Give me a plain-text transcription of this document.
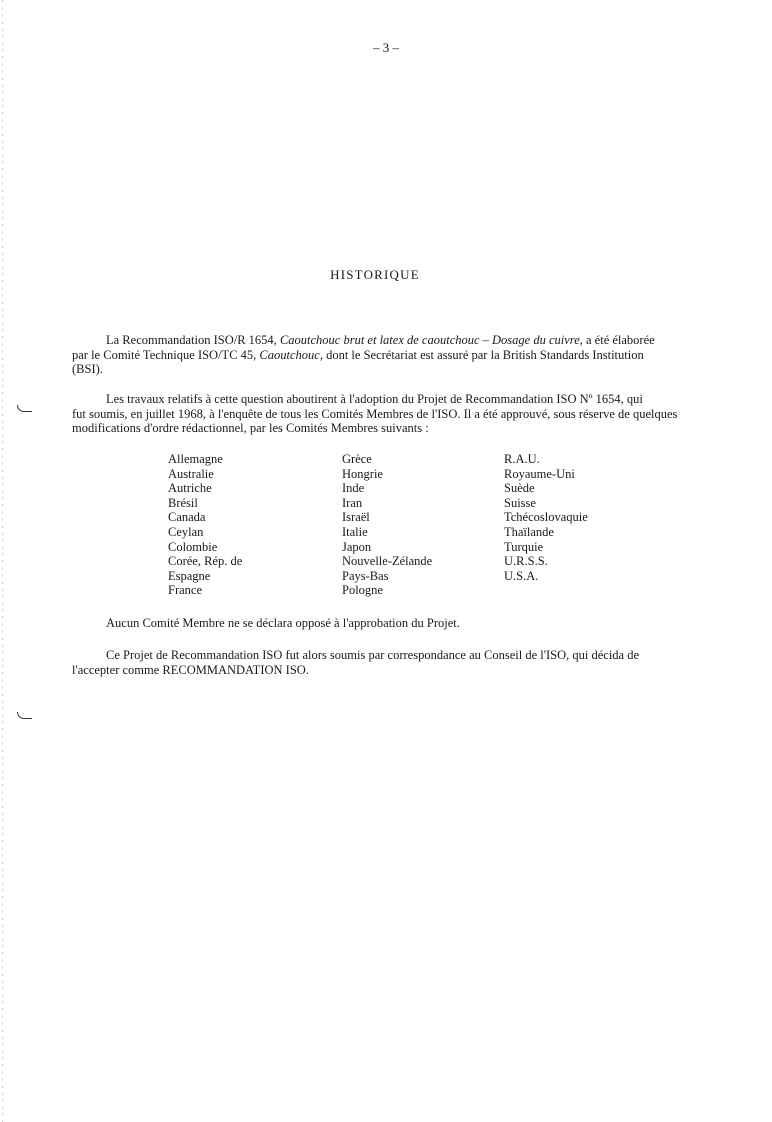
– 3 –
HISTORIQUE

La Recommandation ISO/R 1654, Caoutchouc brut et latex de caoutchouc – Dosage du cuivre, a été élaborée
par le Comité Technique ISO/TC 45, Caoutchouc, dont le Secrétariat est assuré par la British Standards Institution
(BSI).

Les travaux relatifs à cette question aboutirent à l'adoption du Projet de Recommandation ISO Nº 1654, qui
fut soumis, en juillet 1968, à l'enquête de tous les Comités Membres de l'ISO. Il a été approuvé, sous réserve de quelques
modifications d'ordre rédactionnel, par les Comités Membres suivants :

Allemagne
Australie
Autriche
Brésil
Canada
Ceylan
Colombie
Corée, Rép. de
Espagne
France
Grèce
Hongrie
Inde
Iran
Israël
Italie
Japon
Nouvelle-Zélande
Pays-Bas
Pologne
R.A.U.
Royaume-Uni
Suède
Suisse
Tchécoslovaquie
Thaïlande
Turquie
U.R.S.S.
U.S.A.

Aucun Comité Membre ne se déclara opposé à l'approbation du Projet.

Ce Projet de Recommandation ISO fut alors soumis par correspondance au Conseil de l'ISO, qui décida de
l'accepter comme RECOMMANDATION ISO.
